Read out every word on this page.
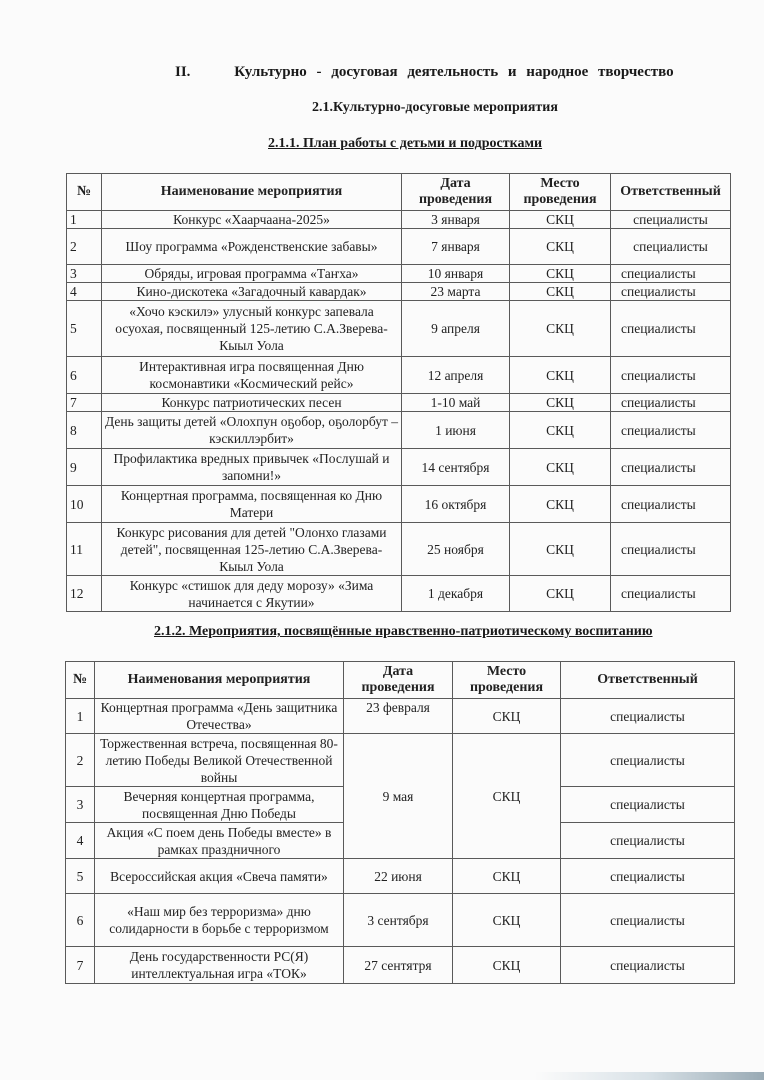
II.	Культурно - досуговая деятельность и народное творчество
2.1.Культурно-досуговые мероприятия
2.1.1. План работы с детьми и подростками
№	Наименование мероприятия	Дата проведения	Место проведения	Ответственный
1	Конкурс «Хаарчаана-2025»	3 января	СКЦ	специалисты
2	Шоу программа «Рожденственские забавы»	7 января	СКЦ	специалисты
3	Обряды, игровая программа «Таҥха»	10 января	СКЦ	специалисты
4	Кино-дискотека «Загадочный кавардак»	23 марта	СКЦ	специалисты
5	«Хочо кэскилэ» улусный конкурс запевала осуохая, посвященный 125-летию С.А.Зверева-Кыыл Уола	9 апреля	СКЦ	специалисты
6	Интерактивная игра посвященная Дню космонавтики «Космический рейс»	12 апреля	СКЦ	специалисты
7	Конкурс патриотических песен	1-10 май	СКЦ	специалисты
8	День защиты детей «Олохпун оҕобор, оҕолорбут – кэскиллэрбит»	1 июня	СКЦ	специалисты
9	Профилактика вредных привычек «Послушай и запомни!»	14 сентября	СКЦ	специалисты
10	Концертная программа, посвященная ко Дню Матери	16 октября	СКЦ	специалисты
11	Конкурс рисования для детей "Олонхо глазами детей", посвященная 125-летию С.А.Зверева-Кыыл Уола	25 ноября	СКЦ	специалисты
12	Конкурс «стишок для деду морозу» «Зима начинается с Якутии»	1 декабря	СКЦ	специалисты
2.1.2. Мероприятия, посвящённые нравственно-патриотическому воспитанию
№	Наименования мероприятия	Дата проведения	Место проведения	Ответственный
1	Концертная программа «День защитника Отечества»	23 февраля	СКЦ	специалисты
2	Торжественная встреча, посвященная 80-летию Победы Великой Отечественной войны	9 мая	СКЦ	специалисты
3	Вечерняя концертная программа, посвященная Дню Победы			специалисты
4	Акция «С поем день Победы вместе» в рамках праздничного			специалисты
5	Всероссийская акция «Свеча памяти»	22 июня	СКЦ	специалисты
6	«Наш мир без терроризма» дню солидарности в борьбе с терроризмом	3 сентября	СКЦ	специалисты
7	День государственности РС(Я) интеллектуальная игра «ТОК»	27 сентятря	СКЦ	специалисты
